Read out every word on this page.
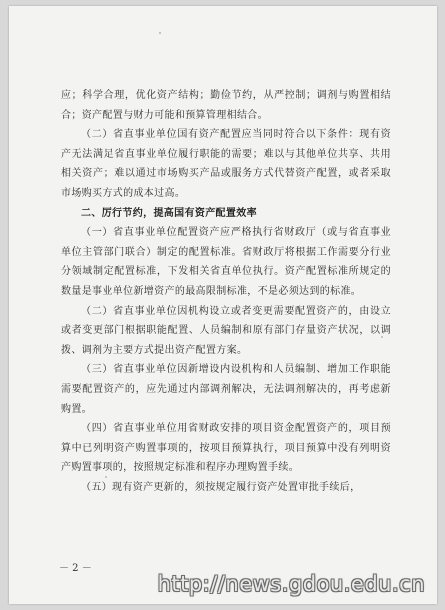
应；科学合理，优化资产结构；勤俭节约，从严控制；调剂与购置相结合；资产配置与财力可能和预算管理相结合。

（二）省直事业单位国有资产配置应当同时符合以下条件：现有资产无法满足省直事业单位履行职能的需要；难以与其他单位共享、共用相关资产；难以通过市场购买产品或服务方式代替资产配置，或者采取市场购买方式的成本过高。

二、厉行节约，提高国有资产配置效率

（一）省直事业单位配置资产应严格执行省财政厅（或与省直事业单位主管部门联合）制定的配置标准。省财政厅将根据工作需要分行业分领域制定配置标准，下发相关省直单位执行。资产配置标准所规定的数量是事业单位新增资产的最高限制标准，不是必须达到的标准。

（二）省直事业单位因机构设立或者变更需要配置资产的，由设立或者变更部门根据职能配置、人员编制和原有部门存量资产状况，以调拨、调剂为主要方式提出资产配置方案。

（三）省直事业单位因新增设内设机构和人员编制、增加工作职能需要配置资产的，应先通过内部调剂解决，无法调剂解决的，再考虑新购置。

（四）省直事业单位用省财政安排的项目资金配置资产的，项目预算中已列明资产购置事项的，按项目预算执行，项目预算中没有列明资产购置事项的，按照规定标准和程序办理购置手续。

（五）现有资产更新的，须按规定履行资产处置审批手续后，

－ 2 －
http://news.gdou.edu.cn
